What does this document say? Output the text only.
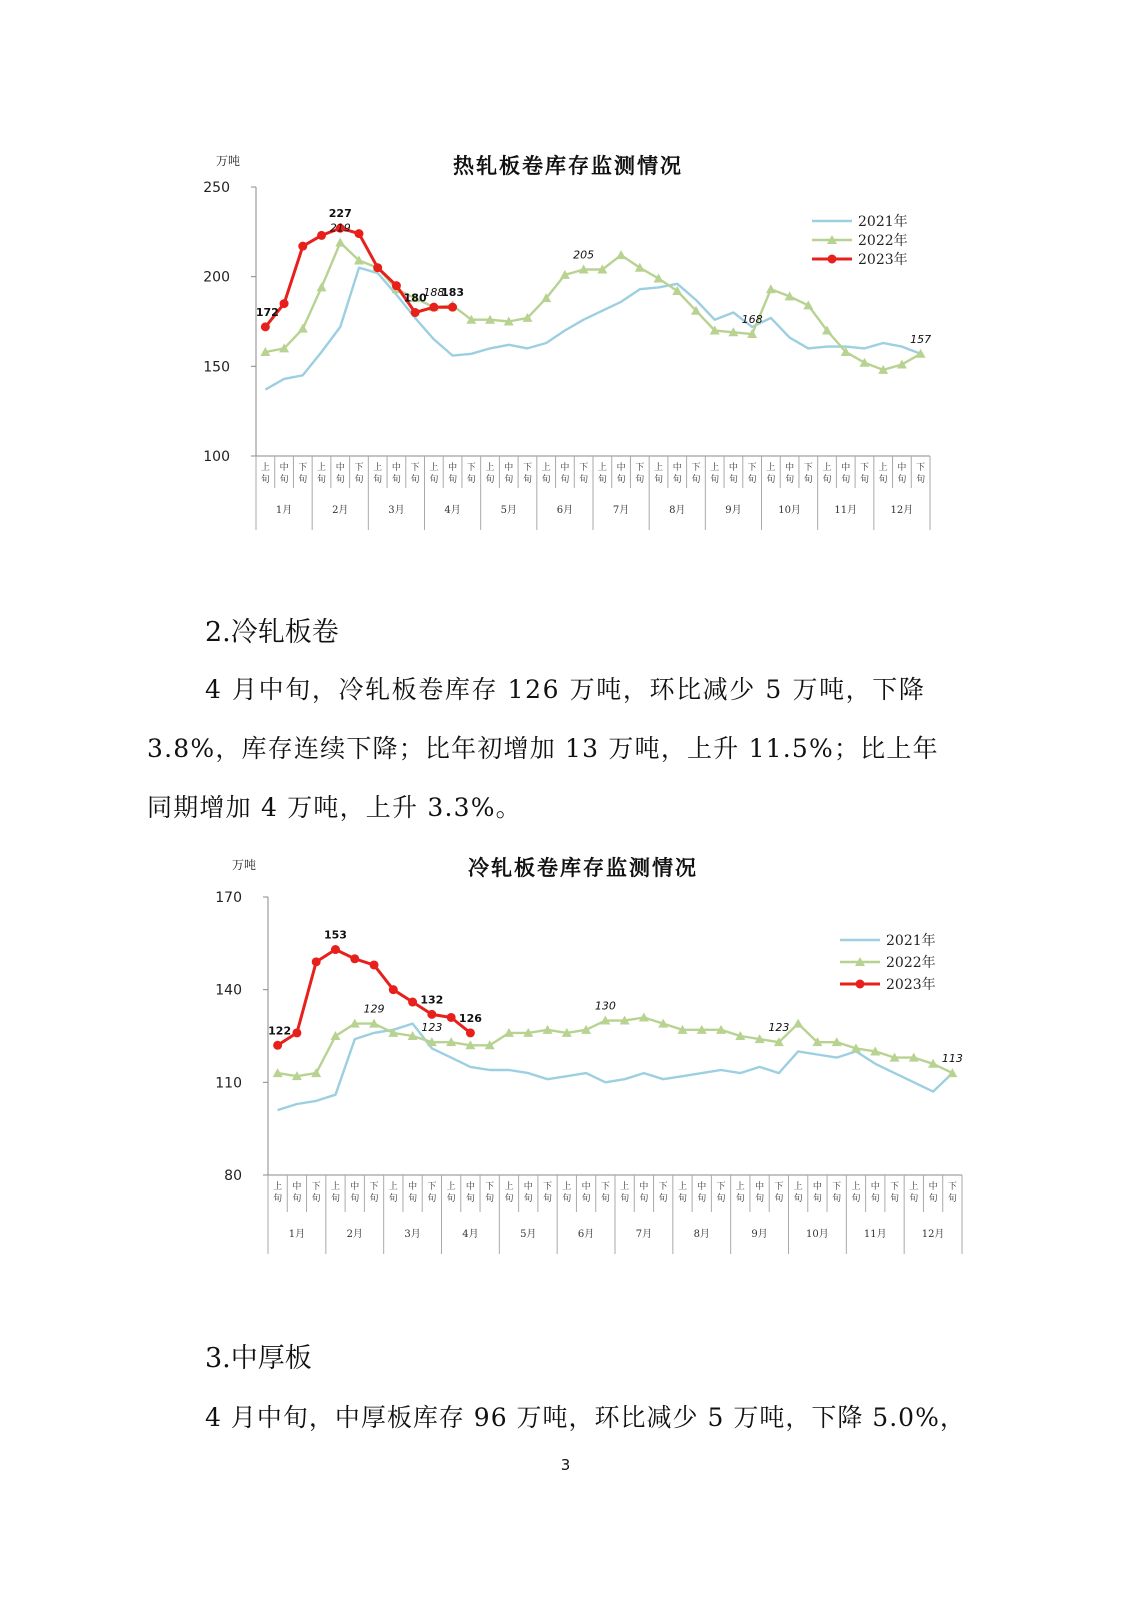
热轧板卷库存监测情况
万吨
100
150
200
250
上
旬
中
旬
下
旬
上
旬
中
旬
下
旬
上
旬
中
旬
下
旬
上
旬
中
旬
下
旬
上
旬
中
旬
下
旬
上
旬
中
旬
下
旬
上
旬
中
旬
下
旬
上
旬
中
旬
下
旬
上
旬
中
旬
下
旬
上
旬
中
旬
下
旬
上
旬
中
旬
下
旬
上
旬
中
旬
下
旬
1月	2月	3月	4月	5月	6月	7月	8月	9月	10月	11月	12月
172
227
180 183
219
188
205
168
157
2021年
2022年
2023年
2.冷轧板卷
4 月中旬，冷轧板卷库存 126 万吨，环比减少 5 万吨，下降
3.8%，库存连续下降；比年初增加 13 万吨，上升 11.5%；比上年
同期增加 4 万吨，上升 3.3%。
冷轧板卷库存监测情况
万吨
80
110
140
170
上
旬
中
旬
下
旬
上
旬
中
旬
下
旬
上
旬
中
旬
下
旬
上
旬
中
旬
下
旬
上
旬
中
旬
下
旬
上
旬
中
旬
下
旬
上
旬
中
旬
下
旬
上
旬
中
旬
下
旬
上
旬
中
旬
下
旬
上
旬
中
旬
下
旬
上
旬
中
旬
下
旬
上
旬
中
旬
下
旬
1月	2月	3月	4月	5月	6月	7月	8月	9月	10月	11月	12月
122
153
132
126
129
123
130
123
113
2021年
2022年
2023年
3.中厚板
4 月中旬，中厚板库存 96 万吨，环比减少 5 万吨，下降 5.0%，
3
